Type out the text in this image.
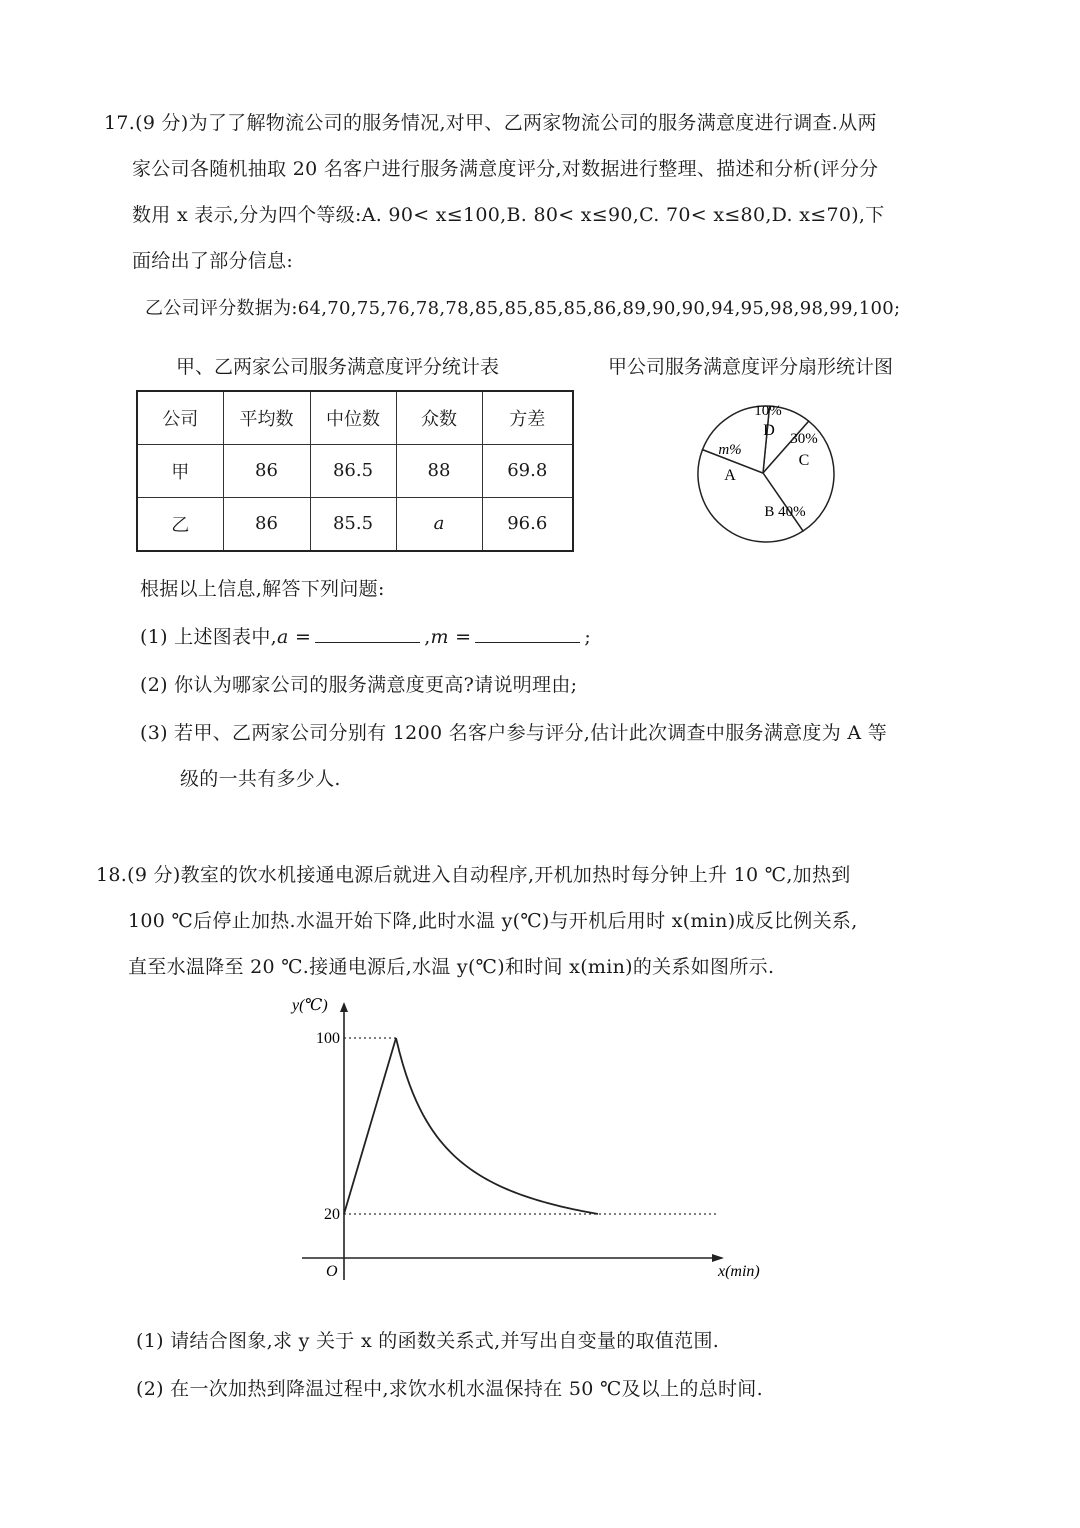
17.(9 分)为了了解物流公司的服务情况,对甲、乙两家物流公司的服务满意度进行调查.从两
家公司各随机抽取 20 名客户进行服务满意度评分,对数据进行整理、描述和分析(评分分
数用 x 表示,分为四个等级:A. 90< x≤100,B. 80< x≤90,C. 70< x≤80,D. x≤70),下
面给出了部分信息:
乙公司评分数据为:64,70,75,76,78,78,85,85,85,85,86,89,90,90,94,95,98,98,99,100;
甲、乙两家公司服务满意度评分统计表	甲公司服务满意度评分扇形统计图
公司	平均数	中位数	众数	方差
甲	86	86.5	88	69.8
乙	86	85.5	a	96.6
10%
D 30%
C
m%
A
B 40%
根据以上信息,解答下列问题:
(1) 上述图表中,a =	,m =	;
(2) 你认为哪家公司的服务满意度更高?请说明理由;
(3) 若甲、乙两家公司分别有 1200 名客户参与评分,估计此次调查中服务满意度为 A 等
级的一共有多少人.
18.(9 分)教室的饮水机接通电源后就进入自动程序,开机加热时每分钟上升 10 ℃,加热到
100 ℃后停止加热.水温开始下降,此时水温 y(℃)与开机后用时 x(min)成反比例关系,
直至水温降至 20 ℃.接通电源后,水温 y(℃)和时间 x(min)的关系如图所示.
y(℃)
x(min)
O
100
20
(1) 请结合图象,求 y 关于 x 的函数关系式,并写出自变量的取值范围.
(2) 在一次加热到降温过程中,求饮水机水温保持在 50 ℃及以上的总时间.
